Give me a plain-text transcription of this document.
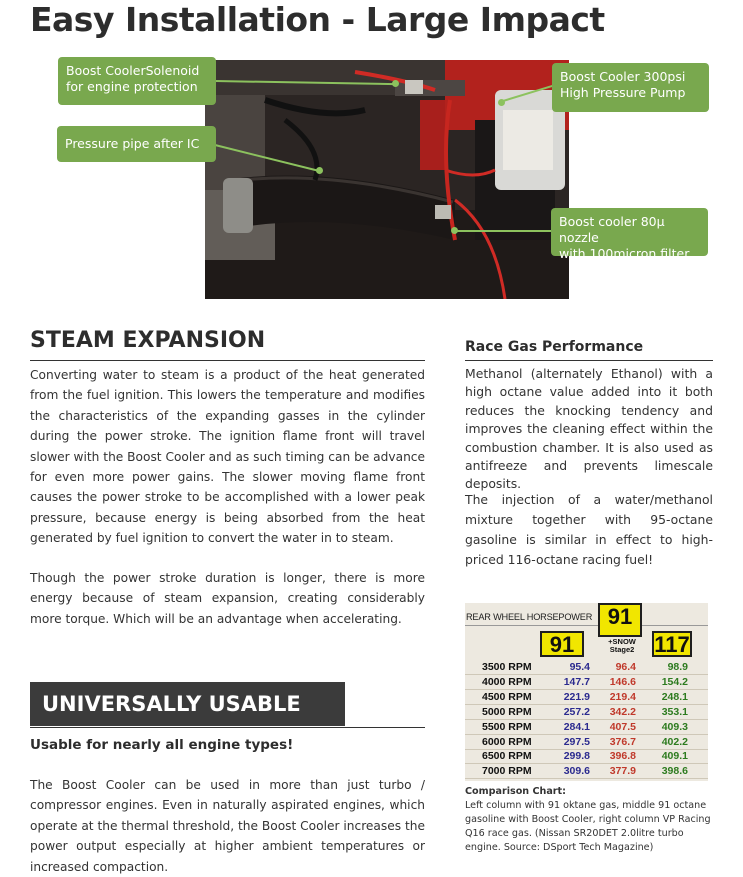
Easy Installation - Large Impact
Boost CoolerSolenoid
for engine protection
Pressure pipe after IC
Boost Cooler 300psi
High Pressure Pump
Boost cooler 80µ nozzle
with 100micron filter
STEAM EXPANSION

Converting water to steam is a product of the heat generated from the fuel ignition. This lowers the temperature and modifies the characteristics of the expanding gasses in the cylinder during the power stroke. The ignition flame front will travel slower with the Boost Cooler and as such timing can be advance for even more power gains. The slower moving flame front causes the power stroke to be accomplished with a lower peak pressure, because energy is being absorbed from the heat generated by fuel ignition to convert the water in to steam.

Though the power stroke duration is longer, there is more energy because of steam expansion, creating considerably more torque. Which will be an advantage when accelerating.

UNIVERSALLY USABLE

Usable for nearly all engine types!

The Boost Cooler can be used in more than just turbo / compressor engines. Even in naturally aspirated engines, which operate at the thermal threshold, the Boost Cooler increases the power output especially at higher ambient temperatures or increased compaction.

Race Gas Performance

Methanol (alternately Ethanol) with a high octane value added into it both reduces the knocking tendency and improves the cleaning effect within the combustion chamber. It is also used as antifreeze and prevents limescale deposits.

The injection of a water/methanol mixture together with 95-octane gasoline is similar in effect to high-priced 116-octane racing fuel!

REAR WHEEL HORSEPOWER
91
91
+SNOW Stage2 117
3500 RPM	95.4	96.4	98.9
4000 RPM	147.7	146.6	154.2
4500 RPM	221.9	219.4	248.1
5000 RPM	257.2	342.2	353.1
5500 RPM	284.1	407.5	409.3
6000 RPM	297.5	376.7	402.2
6500 RPM	299.8	396.8	409.1
7000 RPM	309.6	377.9	398.6

Comparison Chart:
Left column with 91 oktane gas, middle 91 octane gasoline with Boost Cooler, right column VP Racing Q16 race gas. (Nissan SR20DET 2.0litre turbo engine. Source: DSport Tech Magazine)
